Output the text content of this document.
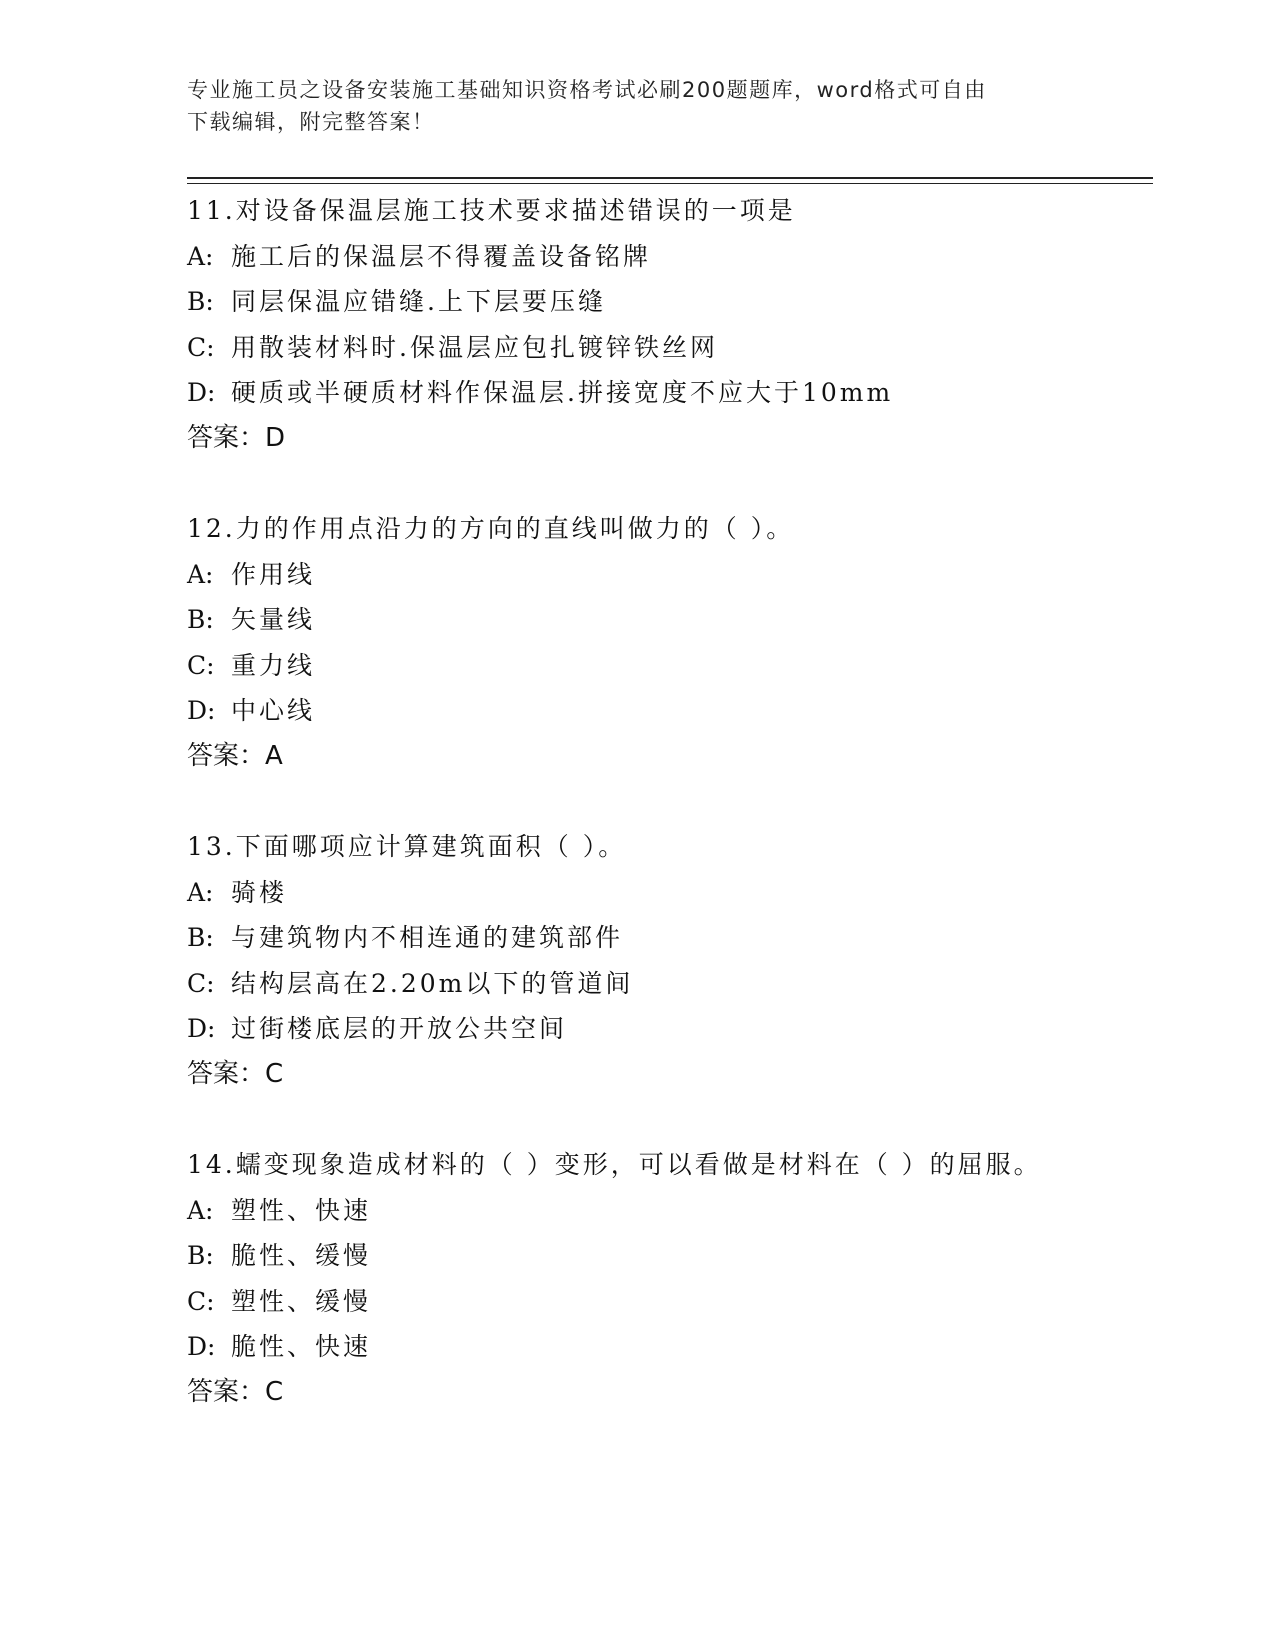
专业施工员之设备安装施工基础知识资格考试必刷200题题库，word格式可自由
下载编辑，附完整答案！
11.对设备保温层施工技术要求描述错误的一项是
A: 施工后的保温层不得覆盖设备铭牌
B: 同层保温应错缝.上下层要压缝
C: 用散装材料时.保温层应包扎镀锌铁丝网
D: 硬质或半硬质材料作保温层.拼接宽度不应大于10mm
答案：D
12.力的作用点沿力的方向的直线叫做力的（ ）。
A: 作用线
B: 矢量线
C: 重力线
D: 中心线
答案：A
13.下面哪项应计算建筑面积（ ）。
A: 骑楼
B: 与建筑物内不相连通的建筑部件
C: 结构层高在2.20m以下的管道间
D: 过街楼底层的开放公共空间
答案：C
14.蠕变现象造成材料的（ ）变形，可以看做是材料在（ ）的屈服。
A: 塑性、快速
B: 脆性、缓慢
C: 塑性、缓慢
D: 脆性、快速
答案：C
